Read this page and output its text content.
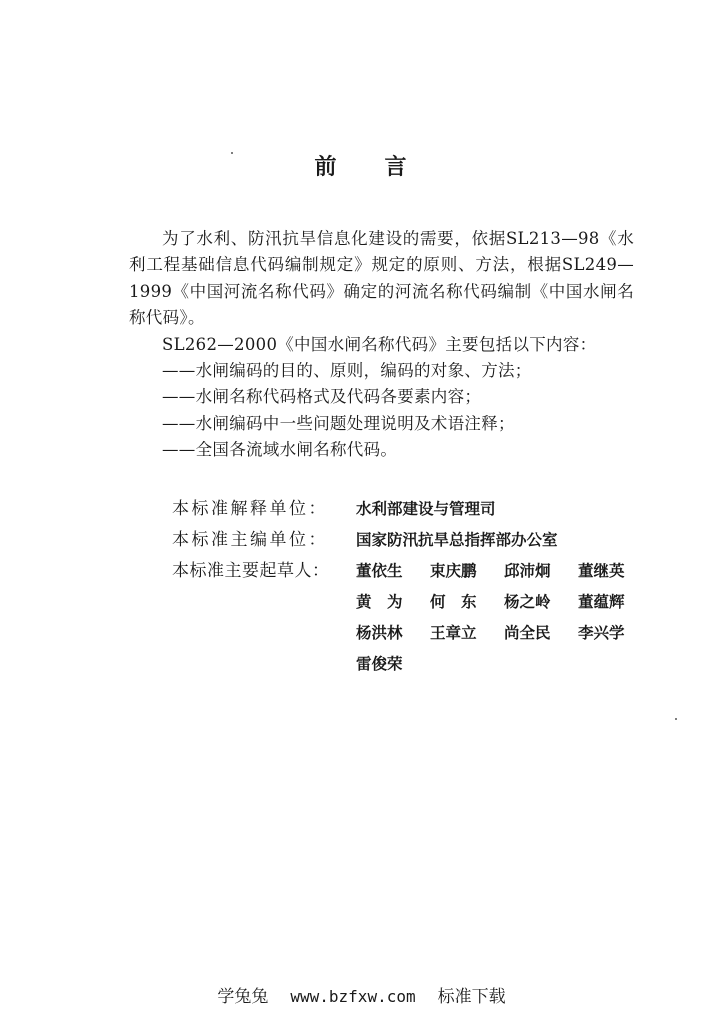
前 言

为了水利、防汛抗旱信息化建设的需要，依据SL213—98《水利工程基础信息代码编制规定》规定的原则、方法，根据SL249—1999《中国河流名称代码》确定的河流名称代码编制《中国水闸名称代码》。

SL262—2000《中国水闸名称代码》主要包括以下内容：

——水闸编码的目的、原则，编码的对象、方法；

——水闸名称代码格式及代码各要素内容；

——水闸编码中一些问题处理说明及术语注释；

——全国各流域水闸名称代码。

本标准解释单位：	水利部建设与管理司
本标准主编单位：	国家防汛抗旱总指挥部办公室
本标准主要起草人：	董依生	束庆鹏	邱沛炯	董继英
黄　为	何　东	杨之岭	董蕴辉
杨洪林	王章立	尚全民	李兴学
雷俊荣
学兔兔 www.bzfxw.com 标准下载
